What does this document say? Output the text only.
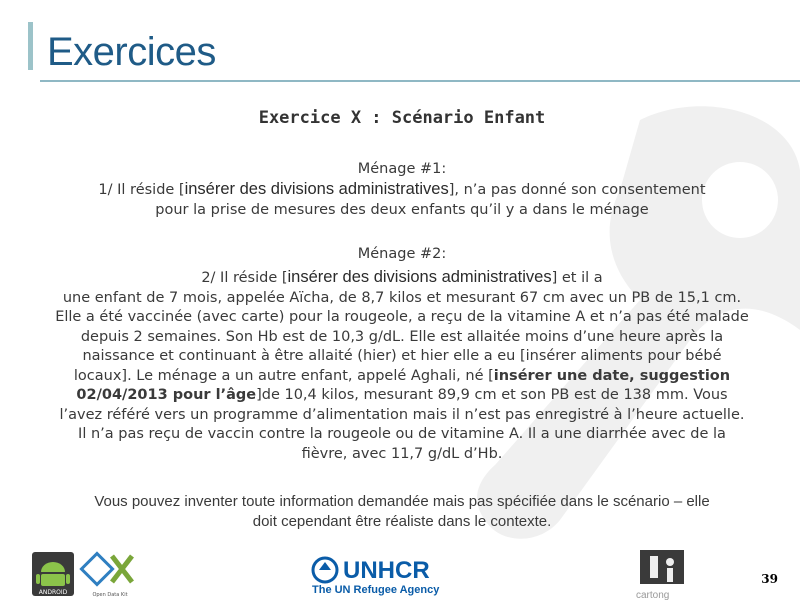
Exercices
Exercice X : Scénario Enfant
Ménage #1:
1/ Il réside [insérer des divisions administratives], n’a pas donné son consentement
pour la prise de mesures des deux enfants qu’il y a dans le ménage
Ménage #2:
2/ Il réside [insérer des divisions administratives] et il a
une enfant de 7 mois, appelée Aïcha, de 8,7 kilos et mesurant 67 cm avec un PB de 15,1 cm.
Elle a été vaccinée (avec carte) pour la rougeole, a reçu de la vitamine A et n’a pas été malade
depuis 2 semaines. Son Hb est de 10,3 g/dL. Elle est allaitée moins d’une heure après la
naissance et continuant à être allaité (hier) et hier elle a eu [insérer aliments pour bébé
locaux]. Le ménage a un autre enfant, appelé Aghali, né [insérer une date, suggestion
02/04/2013 pour l’âge]de 10,4 kilos, mesurant 89,9 cm et son PB est de 138 mm. Vous
l’avez référé vers un programme d’alimentation mais il n’est pas enregistré à l’heure actuelle.
Il n’a pas reçu de vaccin contre la rougeole ou de vitamine A. Il a une diarrhée avec de la
fièvre, avec 11,7 g/dL d’Hb.
Vous pouvez inventer toute information demandée mais pas spécifiée dans le scénario – elle
doit cependant être réaliste dans le contexte.
ANDROID	Open Data Kit
UNHCR
The UN Refugee Agency	cartong
39
